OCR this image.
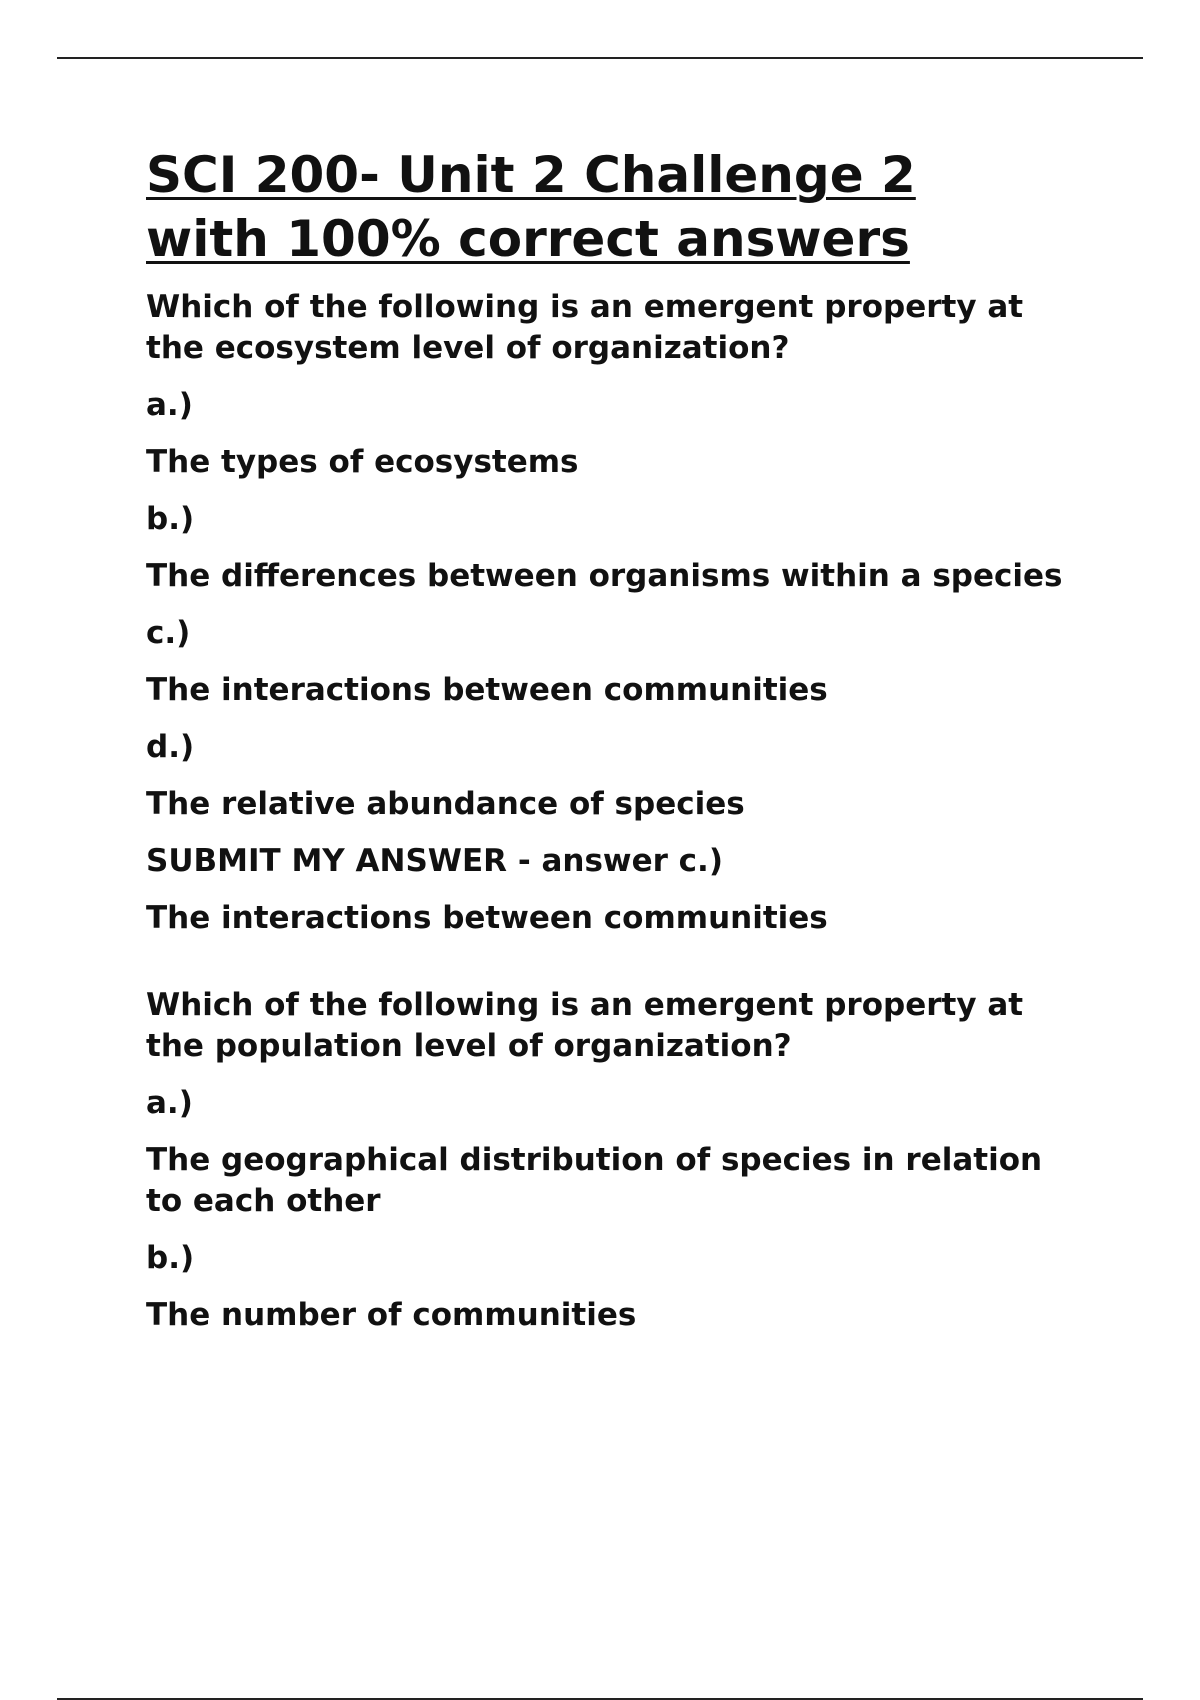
SCI 200- Unit 2 Challenge 2
with 100% correct answers

Which of the following is an emergent property at the ecosystem level of organization?

a.)

The types of ecosystems

b.)

The differences between organisms within a species

c.)

The interactions between communities

d.)

The relative abundance of species

SUBMIT MY ANSWER - answer c.)

The interactions between communities

Which of the following is an emergent property at the population level of organization?

a.)

The geographical distribution of species in relation to each other

b.)

The number of communities
